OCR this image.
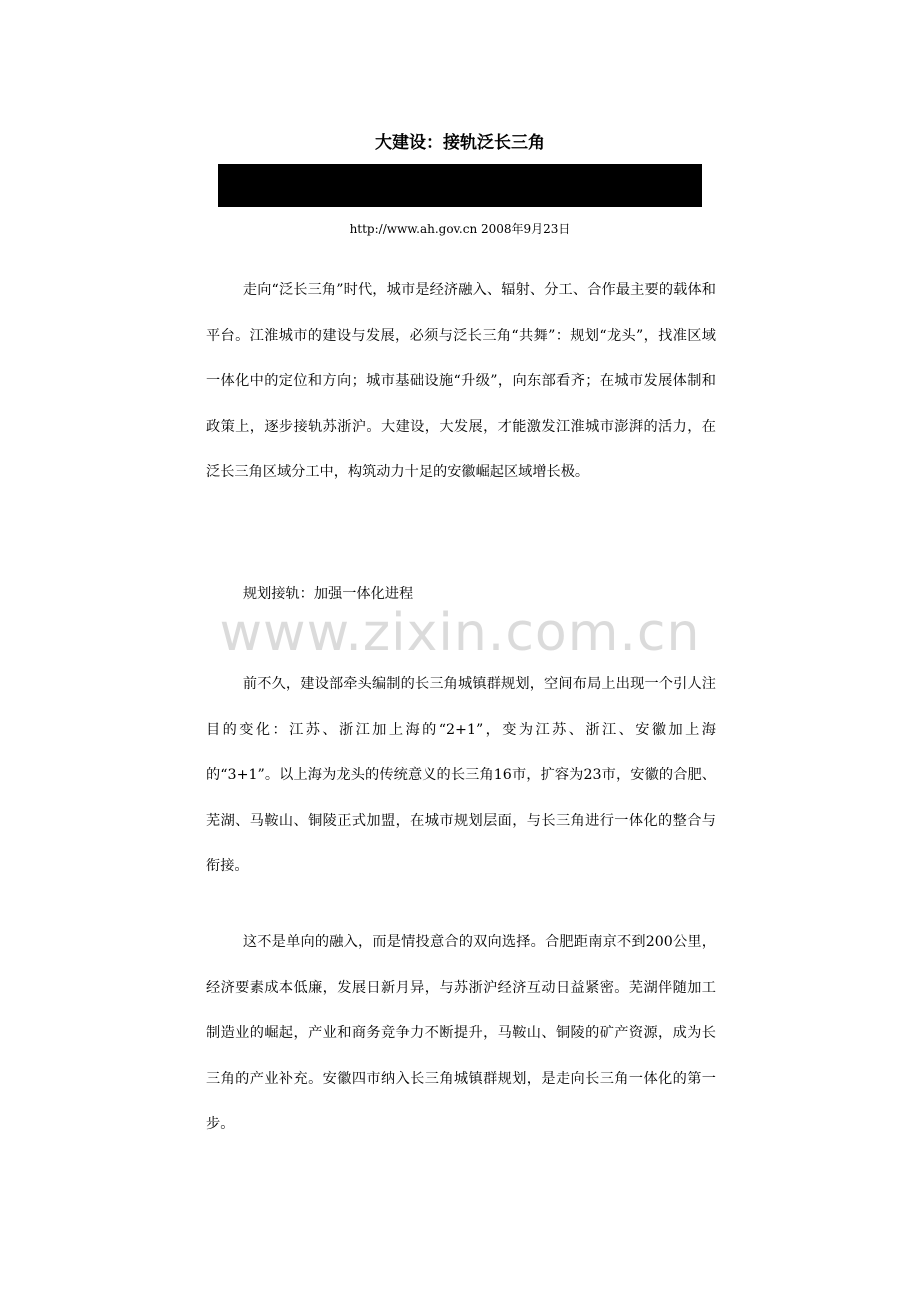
大建设：接轨泛长三角
http://www.ah.gov.cn 2008年9月23日

走向“泛长三角”时代，城市是经济融入、辐射、分工、合作最主要的载体和平台。江淮城市的建设与发展，必须与泛长三角“共舞”：规划“龙头”，找准区域一体化中的定位和方向；城市基础设施“升级”，向东部看齐；在城市发展体制和政策上，逐步接轨苏浙沪。大建设，大发展，才能激发江淮城市澎湃的活力，在泛长三角区域分工中，构筑动力十足的安徽崛起区域增长极。

规划接轨：加强一体化进程

前不久，建设部牵头编制的长三角城镇群规划，空间布局上出现一个引人注目的变化：江苏、浙江加上海的“2+1”，变为江苏、浙江、安徽加上海的“3+1”。以上海为龙头的传统意义的长三角16市，扩容为23市，安徽的合肥、芜湖、马鞍山、铜陵正式加盟，在城市规划层面，与长三角进行一体化的整合与衔接。

这不是单向的融入，而是情投意合的双向选择。合肥距南京不到200公里，经济要素成本低廉，发展日新月异，与苏浙沪经济互动日益紧密。芜湖伴随加工制造业的崛起，产业和商务竞争力不断提升，马鞍山、铜陵的矿产资源，成为长三角的产业补充。安徽四市纳入长三角城镇群规划，是走向长三角一体化的第一步。

www.zixin.com.cn
